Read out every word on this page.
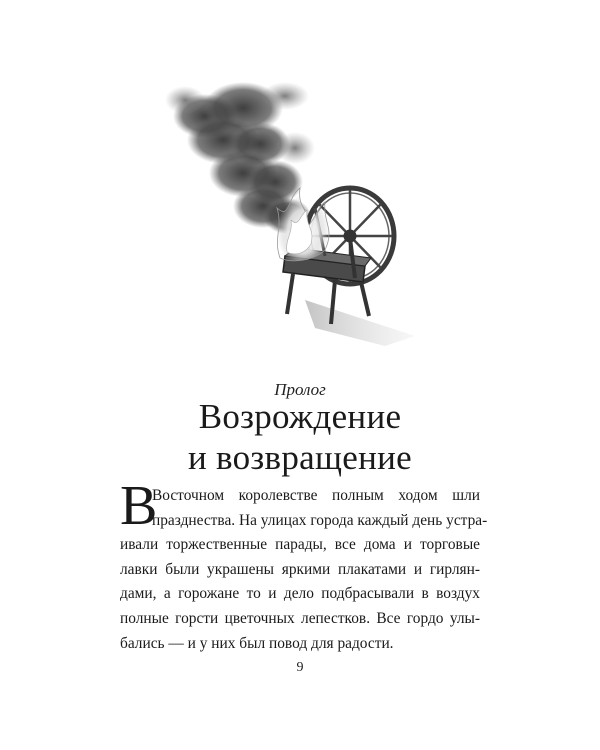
Пролог
Возрождение
и возвращение
В
Восточном королевстве полным ходом шли
празднества. На улицах города каждый день устра-
ивали торжественные парады, все дома и торговые
лавки были украшены яркими плакатами и гирлян-
дами, а горожане то и дело подбрасывали в воздух
полные горсти цветочных лепестков. Все гордо улы-
бались — и у них был повод для радости.
9
